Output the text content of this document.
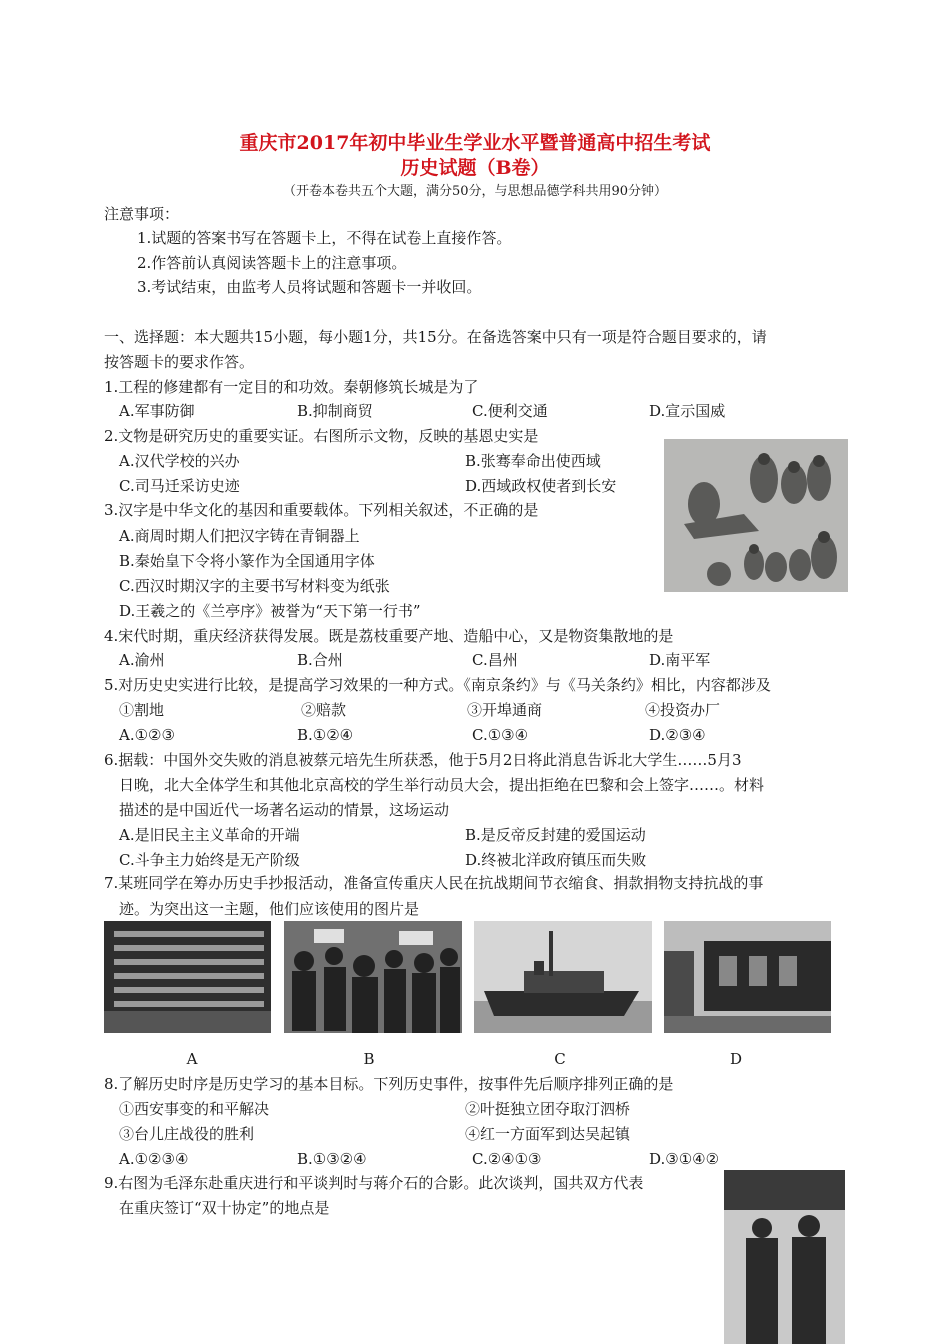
重庆市2017年初中毕业生学业水平暨普通高中招生考试
历史试题（B卷）
（开卷本卷共五个大题，满分50分，与思想品德学科共用90分钟）
注意事项：
1.试题的答案书写在答题卡上，不得在试卷上直接作答。
2.作答前认真阅读答题卡上的注意事项。
3.考试结束，由监考人员将试题和答题卡一并收回。
一、选择题：本大题共15小题，每小题1分，共15分。在备选答案中只有一项是符合题目要求的，请
按答题卡的要求作答。
1.工程的修建都有一定目的和功效。秦朝修筑长城是为了
A.军事防御	B.抑制商贸	C.便利交通	D.宣示国威
2.文物是研究历史的重要实证。右图所示文物，反映的基恩史实是
A.汉代学校的兴办	B.张骞奉命出使西域
C.司马迁采访史迹	D.西域政权使者到长安
3.汉字是中华文化的基因和重要载体。下列相关叙述，不正确的是
A.商周时期人们把汉字铸在青铜器上
B.秦始皇下令将小篆作为全国通用字体
C.西汉时期汉字的主要书写材料变为纸张
D.王羲之的《兰亭序》被誉为“天下第一行书”
4.宋代时期，重庆经济获得发展。既是荔枝重要产地、造船中心，又是物资集散地的是
A.渝州	B.合州	C.昌州	D.南平军
5.对历史史实进行比较，是提高学习效果的一种方式。《南京条约》与《马关条约》相比，内容都涉及
①割地	②赔款	③开埠通商	④投资办厂
A.①②③	B.①②④	C.①③④	D.②③④
6.据载：中国外交失败的消息被蔡元培先生所获悉，他于5月2日将此消息告诉北大学生……5月3
日晚，北大全体学生和其他北京高校的学生举行动员大会，提出拒绝在巴黎和会上签字……。材料
描述的是中国近代一场著名运动的情景，这场运动
A.是旧民主主义革命的开端	B.是反帝反封建的爱国运动
C.斗争主力始终是无产阶级	D.终被北洋政府镇压而失败
7.某班同学在筹办历史手抄报活动，准备宣传重庆人民在抗战期间节衣缩食、捐款捐物支持抗战的事
迹。为突出这一主题，他们应该使用的图片是
A	B	C	D
8.了解历史时序是历史学习的基本目标。下列历史事件，按事件先后顺序排列正确的是
①西安事变的和平解决	②叶挺独立团夺取汀泗桥
③台儿庄战役的胜利	④红一方面军到达吴起镇
A.①②③④	B.①③②④	C.②④①③	D.③①④②
9.右图为毛泽东赴重庆进行和平谈判时与蒋介石的合影。此次谈判，国共双方代表
在重庆签订“双十协定”的地点是
